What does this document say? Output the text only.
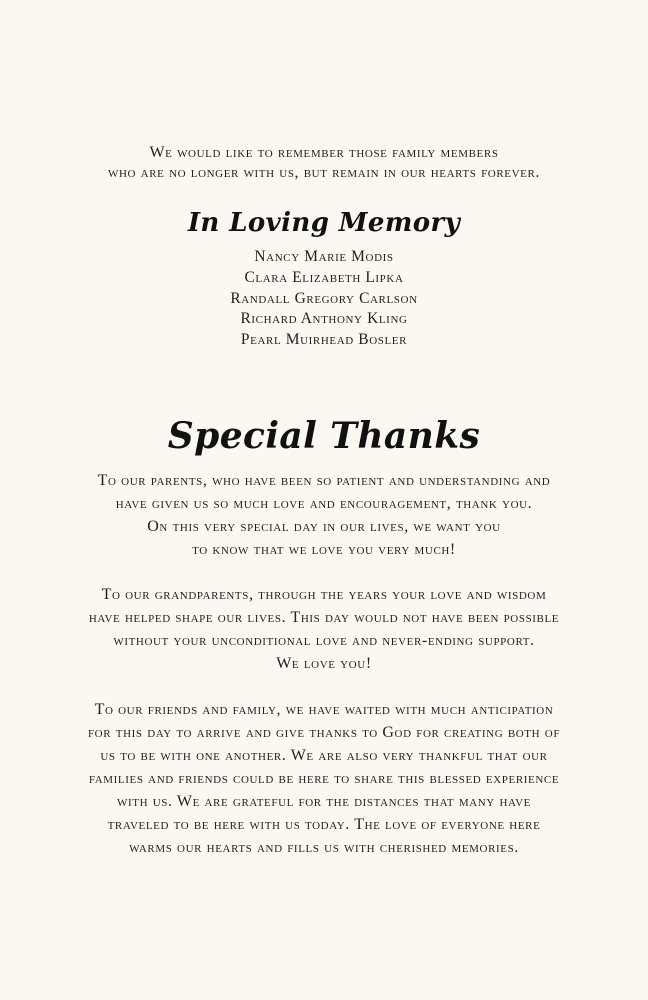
We would like to remember those family members
who are no longer with us, but remain in our hearts forever.
In Loving Memory
Nancy Marie Modis
Clara Elizabeth Lipka
Randall Gregory Carlson
Richard Anthony Kling
Pearl Muirhead Bosler
Special Thanks
To our parents, who have been so patient and understanding and
have given us so much love and encouragement, thank you.
On this very special day in our lives, we want you
to know that we love you very much!
To our grandparents, through the years your love and wisdom
have helped shape our lives. This day would not have been possible
without your unconditional love and never-ending support.
We love you!
To our friends and family, we have waited with much anticipation
for this day to arrive and give thanks to God for creating both of
us to be with one another. We are also very thankful that our
families and friends could be here to share this blessed experience
with us. We are grateful for the distances that many have
traveled to be here with us today. The love of everyone here
warms our hearts and fills us with cherished memories.
